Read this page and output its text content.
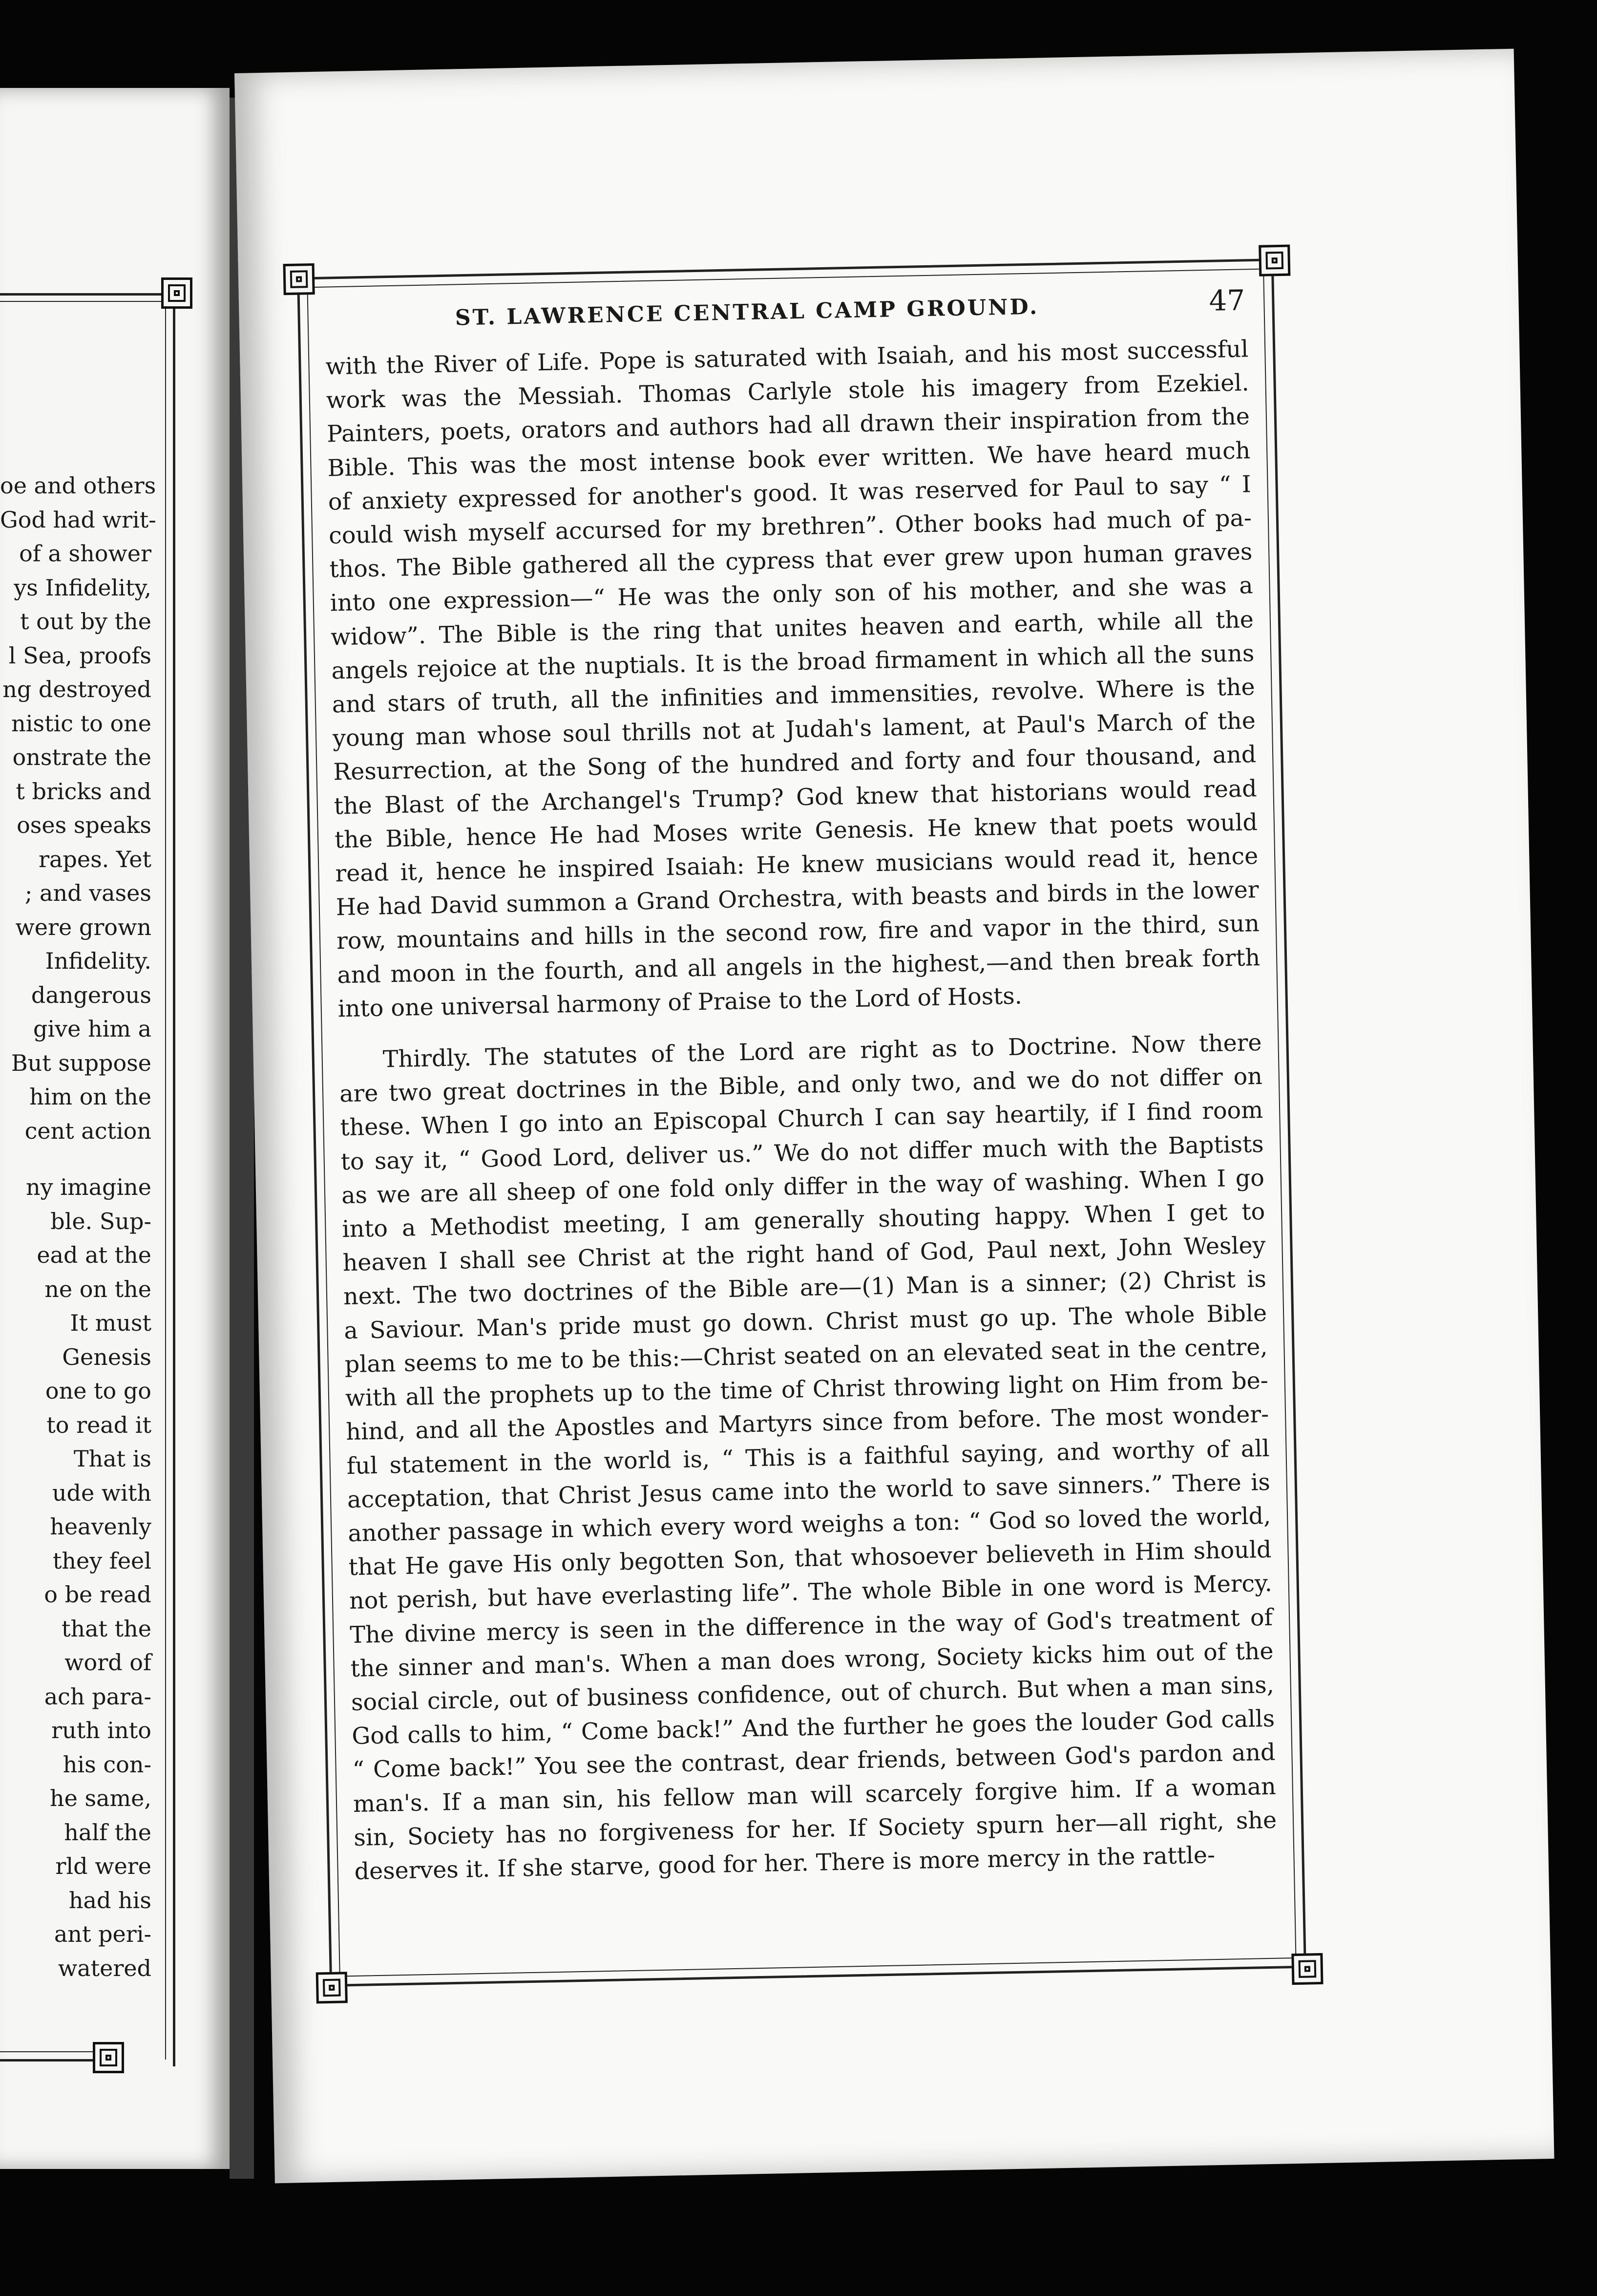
oe and others
God had writ-
of a shower
ys Infidelity,
t out by the
l Sea, proofs
ng destroyed
nistic to one
onstrate the
t bricks and
oses speaks
rapes. Yet
; and vases
were grown
Infidelity.
dangerous
give him a
But suppose
him on the
cent action
ny imagine
ble. Sup-
ead at the
ne on the
It must
Genesis
one to go
to read it
That is
ude with
heavenly
they feel
o be read
that the
word of
ach para-
ruth into
his con-
he same,
half the
rld were
had his
ant peri-
watered
ST. LAWRENCE CENTRAL CAMP GROUND.	47
with the River of Life. Pope is saturated with Isaiah, and his most successful
work was the Messiah. Thomas Carlyle stole his imagery from Ezekiel.
Painters, poets, orators and authors had all drawn their inspiration from the
Bible. This was the most intense book ever written. We have heard much
of anxiety expressed for another's good. It was reserved for Paul to say “ I
could wish myself accursed for my brethren”. Other books had much of pa-
thos. The Bible gathered all the cypress that ever grew upon human graves
into one expression—“ He was the only son of his mother, and she was a
widow”. The Bible is the ring that unites heaven and earth, while all the
angels rejoice at the nuptials. It is the broad firmament in which all the suns
and stars of truth, all the infinities and immensities, revolve. Where is the
young man whose soul thrills not at Judah's lament, at Paul's March of the
Resurrection, at the Song of the hundred and forty and four thousand, and
the Blast of the Archangel's Trump? God knew that historians would read
the Bible, hence He had Moses write Genesis. He knew that poets would
read it, hence he inspired Isaiah: He knew musicians would read it, hence
He had David summon a Grand Orchestra, with beasts and birds in the lower
row, mountains and hills in the second row, fire and vapor in the third, sun
and moon in the fourth, and all angels in the highest,—and then break forth
into one universal harmony of Praise to the Lord of Hosts.
Thirdly. The statutes of the Lord are right as to Doctrine. Now there
are two great doctrines in the Bible, and only two, and we do not differ on
these. When I go into an Episcopal Church I can say heartily, if I find room
to say it, “ Good Lord, deliver us.” We do not differ much with the Baptists
as we are all sheep of one fold only differ in the way of washing. When I go
into a Methodist meeting, I am generally shouting happy. When I get to
heaven I shall see Christ at the right hand of God, Paul next, John Wesley
next. The two doctrines of the Bible are—(1) Man is a sinner; (2) Christ is
a Saviour. Man's pride must go down. Christ must go up. The whole Bible
plan seems to me to be this:—Christ seated on an elevated seat in the centre,
with all the prophets up to the time of Christ throwing light on Him from be-
hind, and all the Apostles and Martyrs since from before. The most wonder-
ful statement in the world is, “ This is a faithful saying, and worthy of all
acceptation, that Christ Jesus came into the world to save sinners.” There is
another passage in which every word weighs a ton: “ God so loved the world,
that He gave His only begotten Son, that whosoever believeth in Him should
not perish, but have everlasting life”. The whole Bible in one word is Mercy.
The divine mercy is seen in the difference in the way of God's treatment of
the sinner and man's. When a man does wrong, Society kicks him out of the
social circle, out of business confidence, out of church. But when a man sins,
God calls to him, “ Come back!” And the further he goes the louder God calls
“ Come back!” You see the contrast, dear friends, between God's pardon and
man's. If a man sin, his fellow man will scarcely forgive him. If a woman
sin, Society has no forgiveness for her. If Society spurn her—all right, she
deserves it. If she starve, good for her. There is more mercy in the rattle-
